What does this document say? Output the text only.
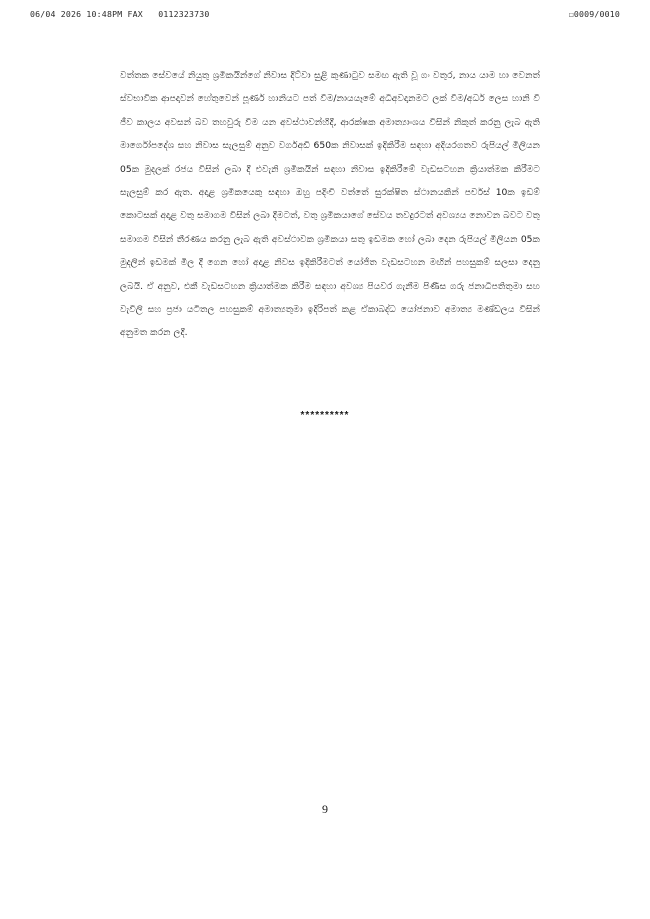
06/04 2026 10:48PM FAX   0112323730	☐0009/0010

වත්තක සේවයේ නියුතු ශ්‍රමිකයින්ගේ නිවාස දිට්වා සුළි කුණාටුව සමඟ ඇති වූ ගං වතුර, නාය යාම හා වෙනත් ස්වභාවික ආපදාවන් හේතුවෙන් පූර්ණ හානියට පත් වීම/නායයෑමේ අධිඅවදානමට ලක් වීම/අර්ධ ලෙස හානි වී ජීව කාලය අවසන් බව තහවුරු වීම යන අවස්ථාවන්හිදී, ආරක්ෂක අමාත්‍යාංශය විසින් නිකුත් කරනු ලැබ ඇති මාර්ගෝපදේශ සහ නිවාස සැලසුම් අනුව වර්ගඅඩි 650ක නිවාසක් ඉදිකිරීම සඳහා අදියරගතව රුපියල් මිලියන 05ක මුදලක් රජය විසින් ලබා දී එවැනි ශ්‍රමිකයින් සඳහා නිවාස ඉදිකිරීමේ වැඩසටහන ක්‍රියාත්මක කිරීමට සැලසුම් කර ඇත. අදාළ ශ්‍රමිකයෙකු සඳහා ඔහු පදිංචි වත්තේ සුරක්ෂිත ස්ථානයකින් පර්චස් 10ක ඉඩම් කොටසක් අදාළ වතු සමාගම විසින් ලබා දීමටත්, වතු ශ්‍රමිකයාගේ සේවය තවදුරටත් අවශ්‍යය නොවන බවට වතු සමාගම විසින් තීරණය කරනු ලැබ ඇති අවස්ථාවක ශ්‍රමිකයා සතු ඉඩමක හෝ ලබා දෙන රුපියල් මිලියන 05ක මුදලින් ඉඩමක් මිල දී ගෙන හෝ අදාළ නිවස ඉදිකිරීමටත් යෝජිත වැඩසටහන මඟින් පහසුකම් සලසා දෙනු ලබයි. ඒ අනුව, එකී වැඩසටහන ක්‍රියාත්මක කිරීම සඳහා අවශ්‍ය පියවර ගැනීම පිණිස ගරු ජනාධිපතිතුමා සහ වැවිලි සහ ප්‍රජා යටිතල පහසුකම් අමාත්‍යතුමා ඉදිරිපත් කළ ඒකාබද්ධ යෝජනාව අමාත්‍ය මණ්ඩලය විසින් අනුමත කරන ලදී.

**********
9
